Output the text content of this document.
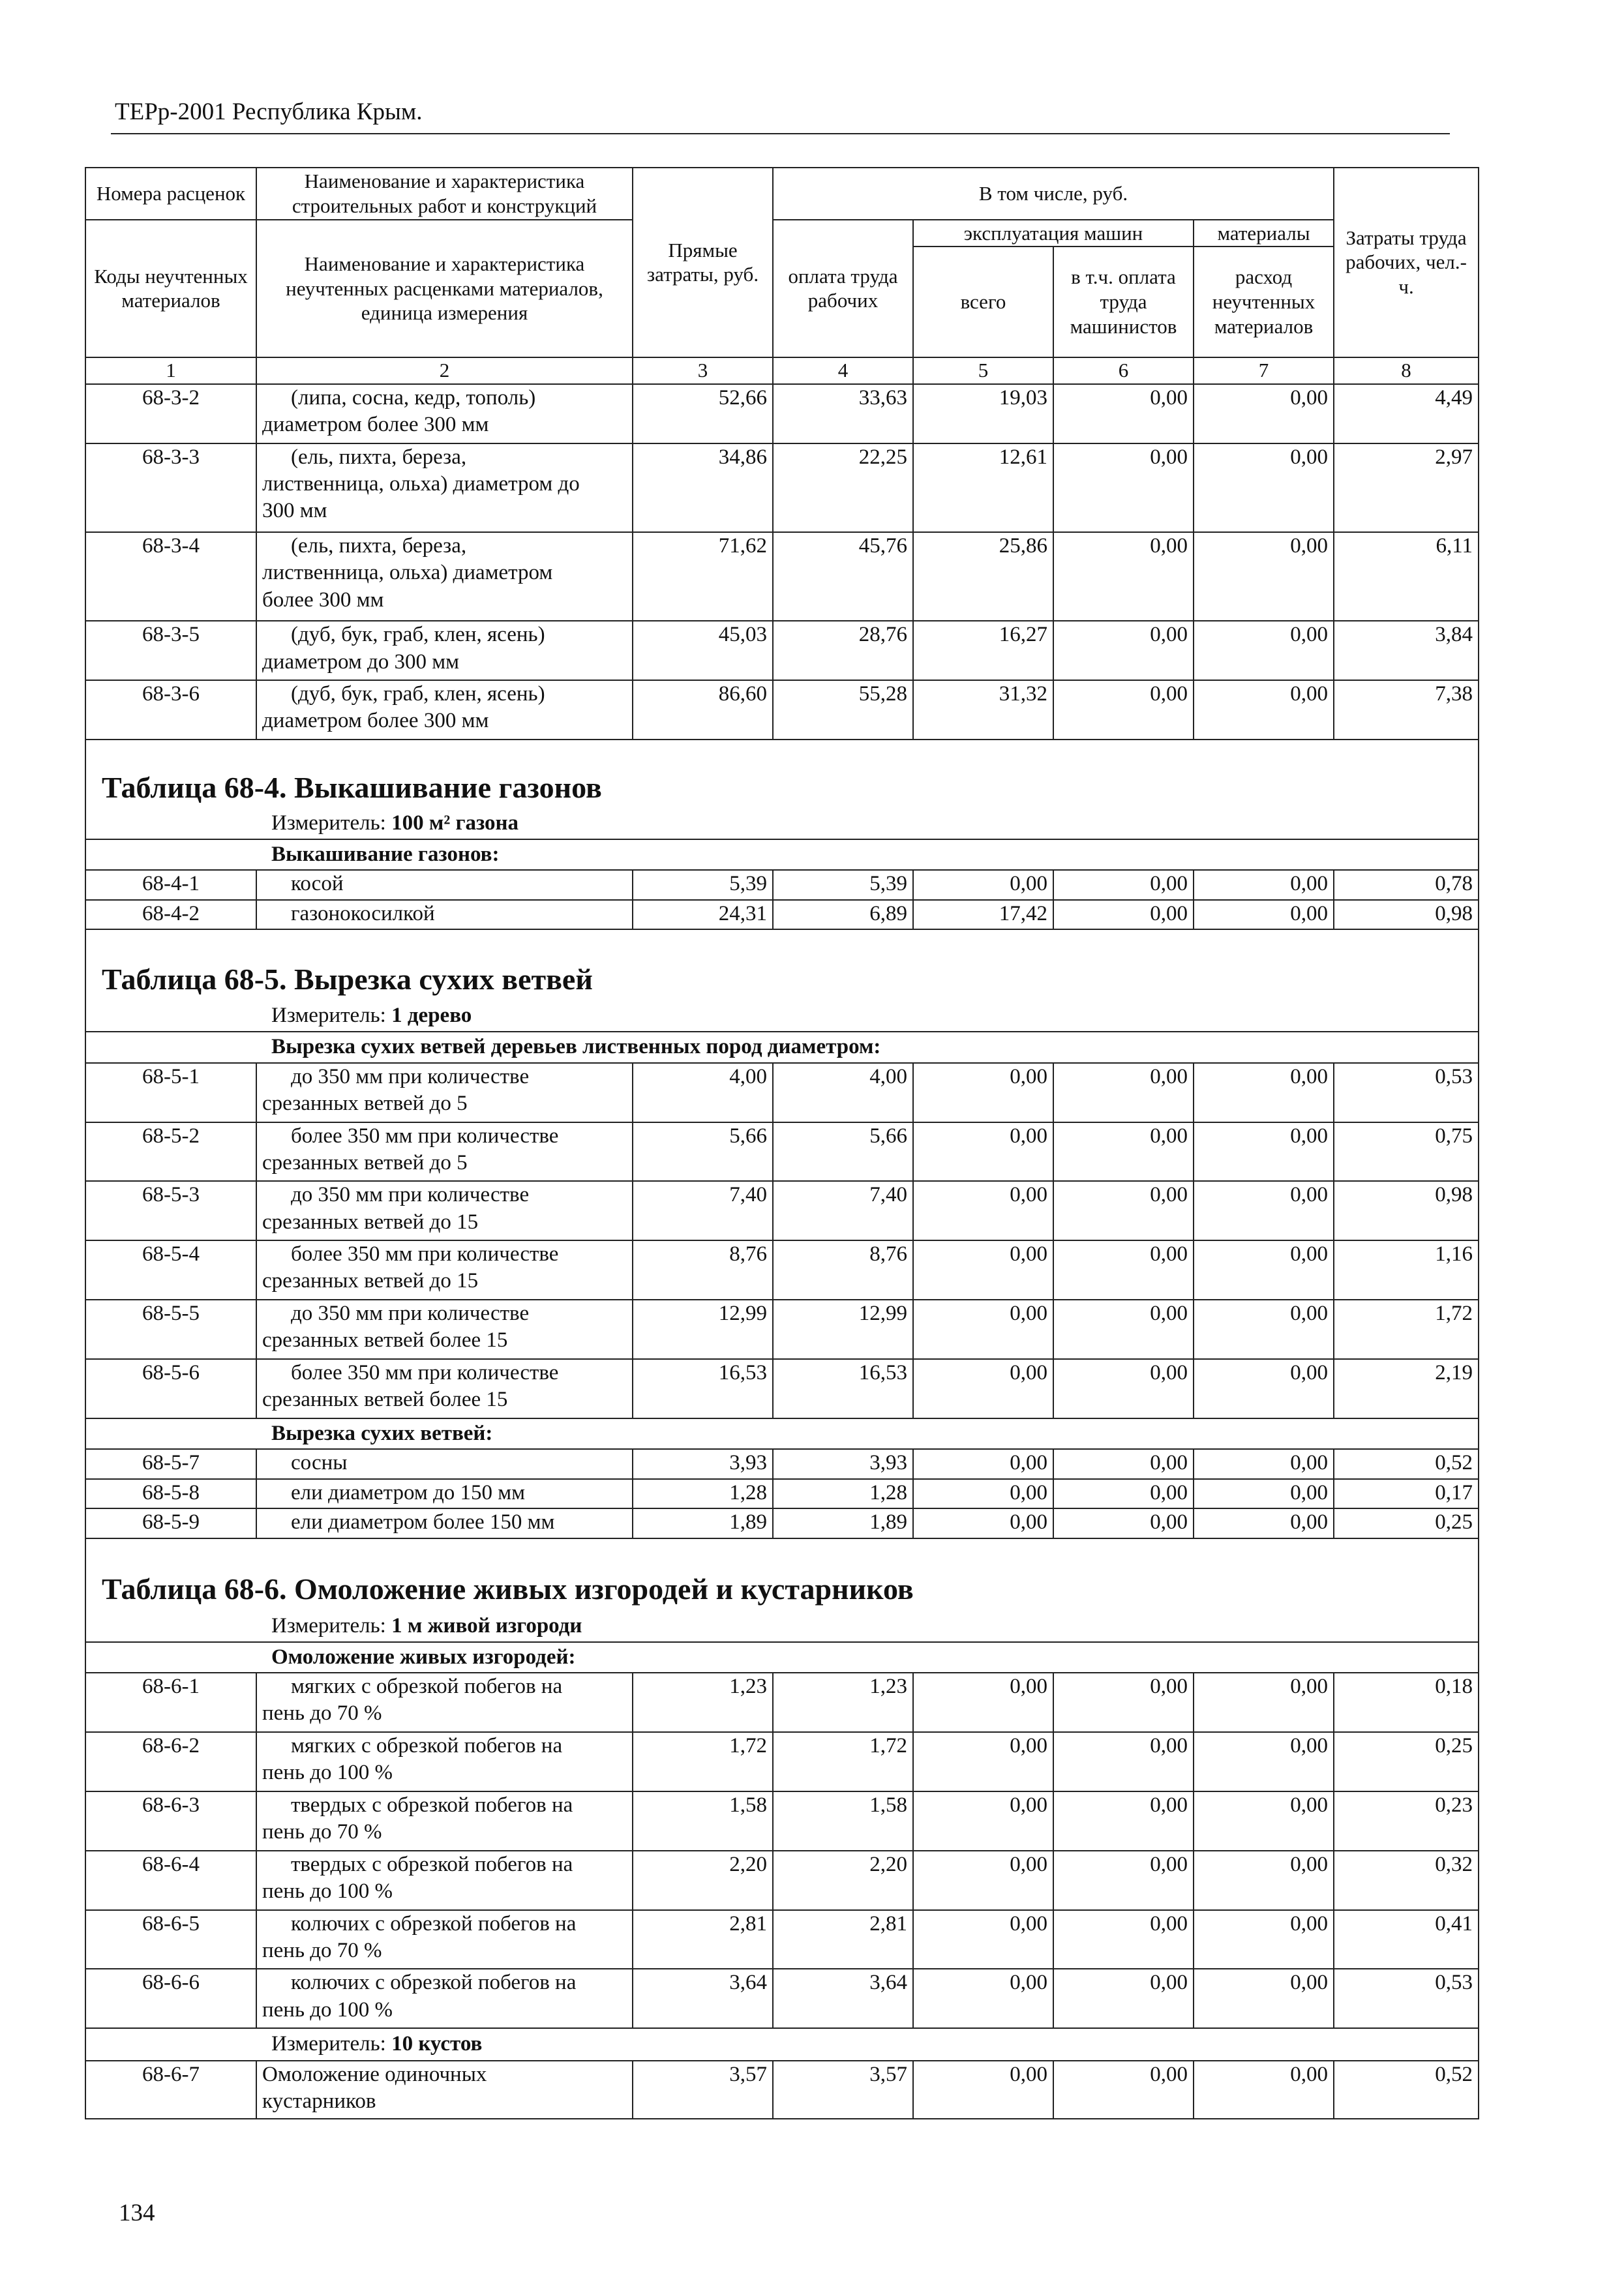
ТЕРр-2001 Республика Крым.
Номера расценок	Наименование и характеристика строительных работ и конструкций	Прямые затраты, руб.	В том числе, руб.				Затраты труда рабочих, чел.-ч.
Коды неучтенных материалов	Наименование и характеристика неучтенных расценками материалов, единица измерения		оплата труда рабочих	эксплуатация машин		материалы	

				всего	в т.ч. оплата труда машинистов	расход неучтенных материалов	

1	2	3	4	5	6	7	8
68-3-2	(липа, сосна, кедр, тополь)
диаметром более 300 мм	52,66	33,63	19,03	0,00	0,00	4,49
68-3-3	(ель, пихта, береза,
лиственница, ольха) диаметром до
300 мм	34,86	22,25	12,61	0,00	0,00	2,97
68-3-4	(ель, пихта, береза,
лиственница, ольха) диаметром
более 300 мм	71,62	45,76	25,86	0,00	0,00	6,11
68-3-5	(дуб, бук, граб, клен, ясень)
диаметром до 300 мм	45,03	28,76	16,27	0,00	0,00	3,84
68-3-6	(дуб, бук, граб, клен, ясень)
диаметром более 300 мм	86,60	55,28	31,32	0,00	0,00	7,38

Таблица 68-4. Выкашивание газонов							
Измеритель: 100 м² газона							
Выкашивание газонов:							
68-4-1	косой	5,39	5,39	0,00	0,00	0,00	0,78
68-4-2	газонокосилкой	24,31	6,89	17,42	0,00	0,00	0,98

Таблица 68-5. Вырезка сухих ветвей							
Измеритель: 1 дерево							
Вырезка сухих ветвей деревьев лиственных пород диаметром:							
68-5-1	до 350 мм при количестве
срезанных ветвей до 5	4,00	4,00	0,00	0,00	0,00	0,53
68-5-2	более 350 мм при количестве
срезанных ветвей до 5	5,66	5,66	0,00	0,00	0,00	0,75
68-5-3	до 350 мм при количестве
срезанных ветвей до 15	7,40	7,40	0,00	0,00	0,00	0,98
68-5-4	более 350 мм при количестве
срезанных ветвей до 15	8,76	8,76	0,00	0,00	0,00	1,16
68-5-5	до 350 мм при количестве
срезанных ветвей более 15	12,99	12,99	0,00	0,00	0,00	1,72
68-5-6	более 350 мм при количестве
срезанных ветвей более 15	16,53	16,53	0,00	0,00	0,00	2,19
Вырезка сухих ветвей:							
68-5-7	сосны	3,93	3,93	0,00	0,00	0,00	0,52
68-5-8	ели диаметром до 150 мм	1,28	1,28	0,00	0,00	0,00	0,17
68-5-9	ели диаметром более 150 мм	1,89	1,89	0,00	0,00	0,00	0,25

Таблица 68-6. Омоложение живых изгородей и кустарников							
Измеритель: 1 м живой изгороди							
Омоложение живых изгородей:							
68-6-1	мягких с обрезкой побегов на
пень до 70 %	1,23	1,23	0,00	0,00	0,00	0,18
68-6-2	мягких с обрезкой побегов на
пень до 100 %	1,72	1,72	0,00	0,00	0,00	0,25
68-6-3	твердых с обрезкой побегов на
пень до 70 %	1,58	1,58	0,00	0,00	0,00	0,23
68-6-4	твердых с обрезкой побегов на
пень до 100 %	2,20	2,20	0,00	0,00	0,00	0,32
68-6-5	колючих с обрезкой побегов на
пень до 70 %	2,81	2,81	0,00	0,00	0,00	0,41
68-6-6	колючих с обрезкой побегов на
пень до 100 %	3,64	3,64	0,00	0,00	0,00	0,53
Измеритель: 10 кустов							
68-6-7	Омоложение одиночных
кустарников	3,57	3,57	0,00	0,00	0,00	0,52
134
